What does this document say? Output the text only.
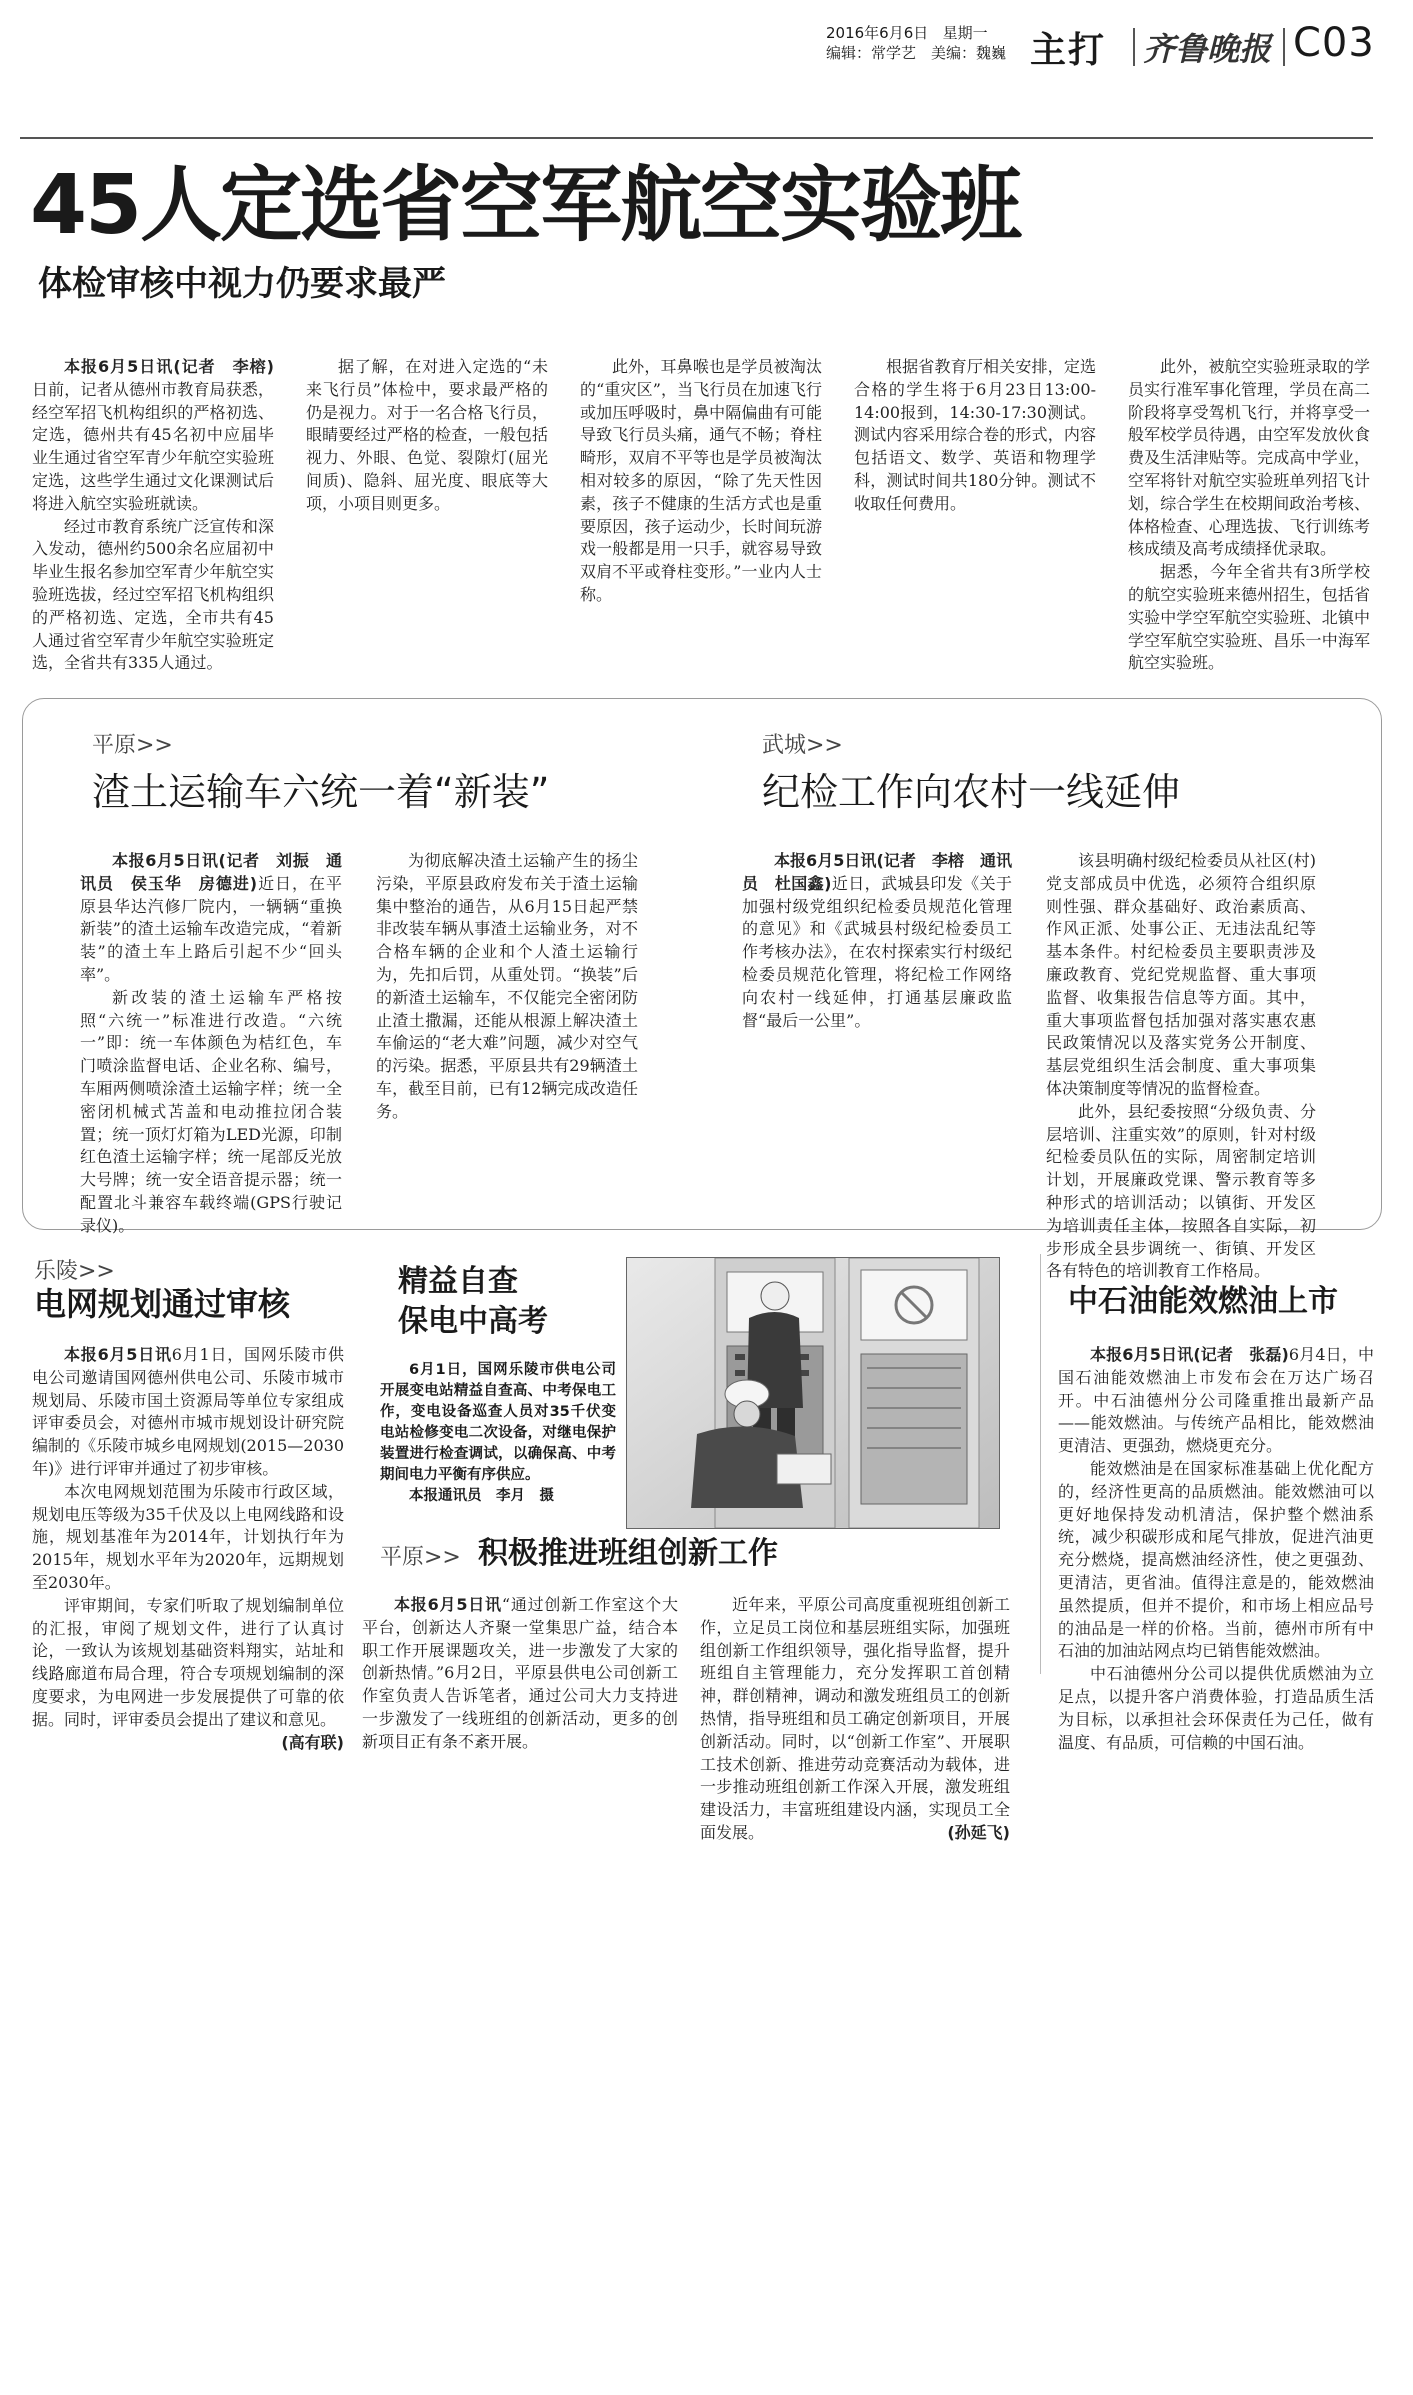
2016年6月6日 星期一
编辑：常学艺　美编：魏巍 主打 齐鲁晚报 C03
45人定选省空军航空实验班
体检审核中视力仍要求最严

本报6月5日讯(记者　李榕)日前，记者从德州市教育局获悉，经空军招飞机构组织的严格初选、定选，德州共有45名初中应届毕业生通过省空军青少年航空实验班定选，这些学生通过文化课测试后将进入航空实验班就读。

经过市教育系统广泛宣传和深入发动，德州约500余名应届初中毕业生报名参加空军青少年航空实验班选拔，经过空军招飞机构组织的严格初选、定选，全市共有45人通过省空军青少年航空实验班定选，全省共有335人通过。

据了解，在对进入定选的“未来飞行员”体检中，要求最严格的仍是视力。对于一名合格飞行员，眼睛要经过严格的检查，一般包括视力、外眼、色觉、裂隙灯(屈光间质)、隐斜、屈光度、眼底等大项，小项目则更多。

此外，耳鼻喉也是学员被淘汰的“重灾区”，当飞行员在加速飞行或加压呼吸时，鼻中隔偏曲有可能导致飞行员头痛，通气不畅；脊柱畸形，双肩不平等也是学员被淘汰相对较多的原因，“除了先天性因素，孩子不健康的生活方式也是重要原因，孩子运动少，长时间玩游戏一般都是用一只手，就容易导致双肩不平或脊柱变形。”一业内人士称。

根据省教育厅相关安排，定选合格的学生将于6月23日13:00-14:00报到，14:30-17:30测试。测试内容采用综合卷的形式，内容包括语文、数学、英语和物理学科，测试时间共180分钟。测试不收取任何费用。

此外，被航空实验班录取的学员实行准军事化管理，学员在高二阶段将享受驾机飞行，并将享受一般军校学员待遇，由空军发放伙食费及生活津贴等。完成高中学业，空军将针对航空实验班单列招飞计划，综合学生在校期间政治考核、体格检查、心理选拔、飞行训练考核成绩及高考成绩择优录取。

据悉，今年全省共有3所学校的航空实验班来德州招生，包括省实验中学空军航空实验班、北镇中学空军航空实验班、昌乐一中海军航空实验班。

平原>>
渣土运输车六统一着“新装”

本报6月5日讯(记者　刘振　通讯员　侯玉华　房德进)近日，在平原县华达汽修厂院内，一辆辆“重换新装”的渣土运输车改造完成，“着新装”的渣土车上路后引起不少“回头率”。

新改装的渣土运输车严格按照“六统一”标准进行改造。“六统一”即：统一车体颜色为桔红色，车门喷涂监督电话、企业名称、编号，车厢两侧喷涂渣土运输字样；统一全密闭机械式苫盖和电动推拉闭合装置；统一顶灯灯箱为LED光源，印制红色渣土运输字样；统一尾部反光放大号牌；统一安全语音提示器；统一配置北斗兼容车载终端(GPS行驶记录仪)。

为彻底解决渣土运输产生的扬尘污染，平原县政府发布关于渣土运输集中整治的通告，从6月15日起严禁非改装车辆从事渣土运输业务，对不合格车辆的企业和个人渣土运输行为，先扣后罚，从重处罚。“换装”后的新渣土运输车，不仅能完全密闭防止渣土撒漏，还能从根源上解决渣土车偷运的“老大难”问题，减少对空气的污染。据悉，平原县共有29辆渣土车，截至目前，已有12辆完成改造任务。

武城>>
纪检工作向农村一线延伸

本报6月5日讯(记者　李榕　通讯员　杜国鑫)近日，武城县印发《关于加强村级党组织纪检委员规范化管理的意见》和《武城县村级纪检委员工作考核办法》，在农村探索实行村级纪检委员规范化管理，将纪检工作网络向农村一线延伸，打通基层廉政监督“最后一公里”。

该县明确村级纪检委员从社区(村)党支部成员中优选，必须符合组织原则性强、群众基础好、政治素质高、作风正派、处事公正、无违法乱纪等基本条件。村纪检委员主要职责涉及廉政教育、党纪党规监督、重大事项监督、收集报告信息等方面。其中，重大事项监督包括加强对落实惠农惠民政策情况以及落实党务公开制度、基层党组织生活会制度、重大事项集体决策制度等情况的监督检查。

此外，县纪委按照“分级负责、分层培训、注重实效”的原则，针对村级纪检委员队伍的实际，周密制定培训计划，开展廉政党课、警示教育等多种形式的培训活动；以镇街、开发区为培训责任主体，按照各自实际，初步形成全县步调统一、街镇、开发区各有特色的培训教育工作格局。

乐陵>>
电网规划通过审核

本报6月5日讯6月1日，国网乐陵市供电公司邀请国网德州供电公司、乐陵市城市规划局、乐陵市国土资源局等单位专家组成评审委员会，对德州市城市规划设计研究院编制的《乐陵市城乡电网规划(2015—2030年)》进行评审并通过了初步审核。

本次电网规划范围为乐陵市行政区域，规划电压等级为35千伏及以上电网线路和设施，规划基准年为2014年，计划执行年为2015年，规划水平年为2020年，远期规划至2030年。

评审期间，专家们听取了规划编制单位的汇报，审阅了规划文件，进行了认真讨论，一致认为该规划基础资料翔实，站址和线路廊道布局合理，符合专项规划编制的深度要求，为电网进一步发展提供了可靠的依据。同时，评审委员会提出了建议和意见。
(高有联)

精益自查
保电中高考

6月1日，国网乐陵市供电公司开展变电站精益自查高、中考保电工作，变电设备巡查人员对35千伏变电站检修变电二次设备，对继电保护装置进行检查调试，以确保高、中考期间电力平衡有序供应。

本报通讯员　李月　摄

平原>> 积极推进班组创新工作

本报6月5日讯“通过创新工作室这个大平台，创新达人齐聚一堂集思广益，结合本职工作开展课题攻关，进一步激发了大家的创新热情。”6月2日，平原县供电公司创新工作室负责人告诉笔者，通过公司大力支持进一步激发了一线班组的创新活动，更多的创新项目正有条不紊开展。

近年来，平原公司高度重视班组创新工作，立足员工岗位和基层班组实际，加强班组创新工作组织领导，强化指导监督，提升班组自主管理能力，充分发挥职工首创精神，群创精神，调动和激发班组员工的创新热情，指导班组和员工确定创新项目，开展创新活动。同时，以“创新工作室”、开展职工技术创新、推进劳动竞赛活动为载体，进一步推动班组创新工作深入开展，激发班组建设活力，丰富班组建设内涵，实现员工全面发展。	(孙延飞)

中石油能效燃油上市

本报6月5日讯(记者　张磊)6月4日，中国石油能效燃油上市发布会在万达广场召开。中石油德州分公司隆重推出最新产品——能效燃油。与传统产品相比，能效燃油更清洁、更强劲，燃烧更充分。

能效燃油是在国家标准基础上优化配方的，经济性更高的品质燃油。能效燃油可以更好地保持发动机清洁，保护整个燃油系统，减少积碳形成和尾气排放，促进汽油更充分燃烧，提高燃油经济性，使之更强劲、更清洁，更省油。值得注意是的，能效燃油虽然提质，但并不提价，和市场上相应品号的油品是一样的价格。当前，德州市所有中石油的加油站网点均已销售能效燃油。

中石油德州分公司以提供优质燃油为立足点，以提升客户消费体验，打造品质生活为目标，以承担社会环保责任为己任，做有温度、有品质，可信赖的中国石油。
